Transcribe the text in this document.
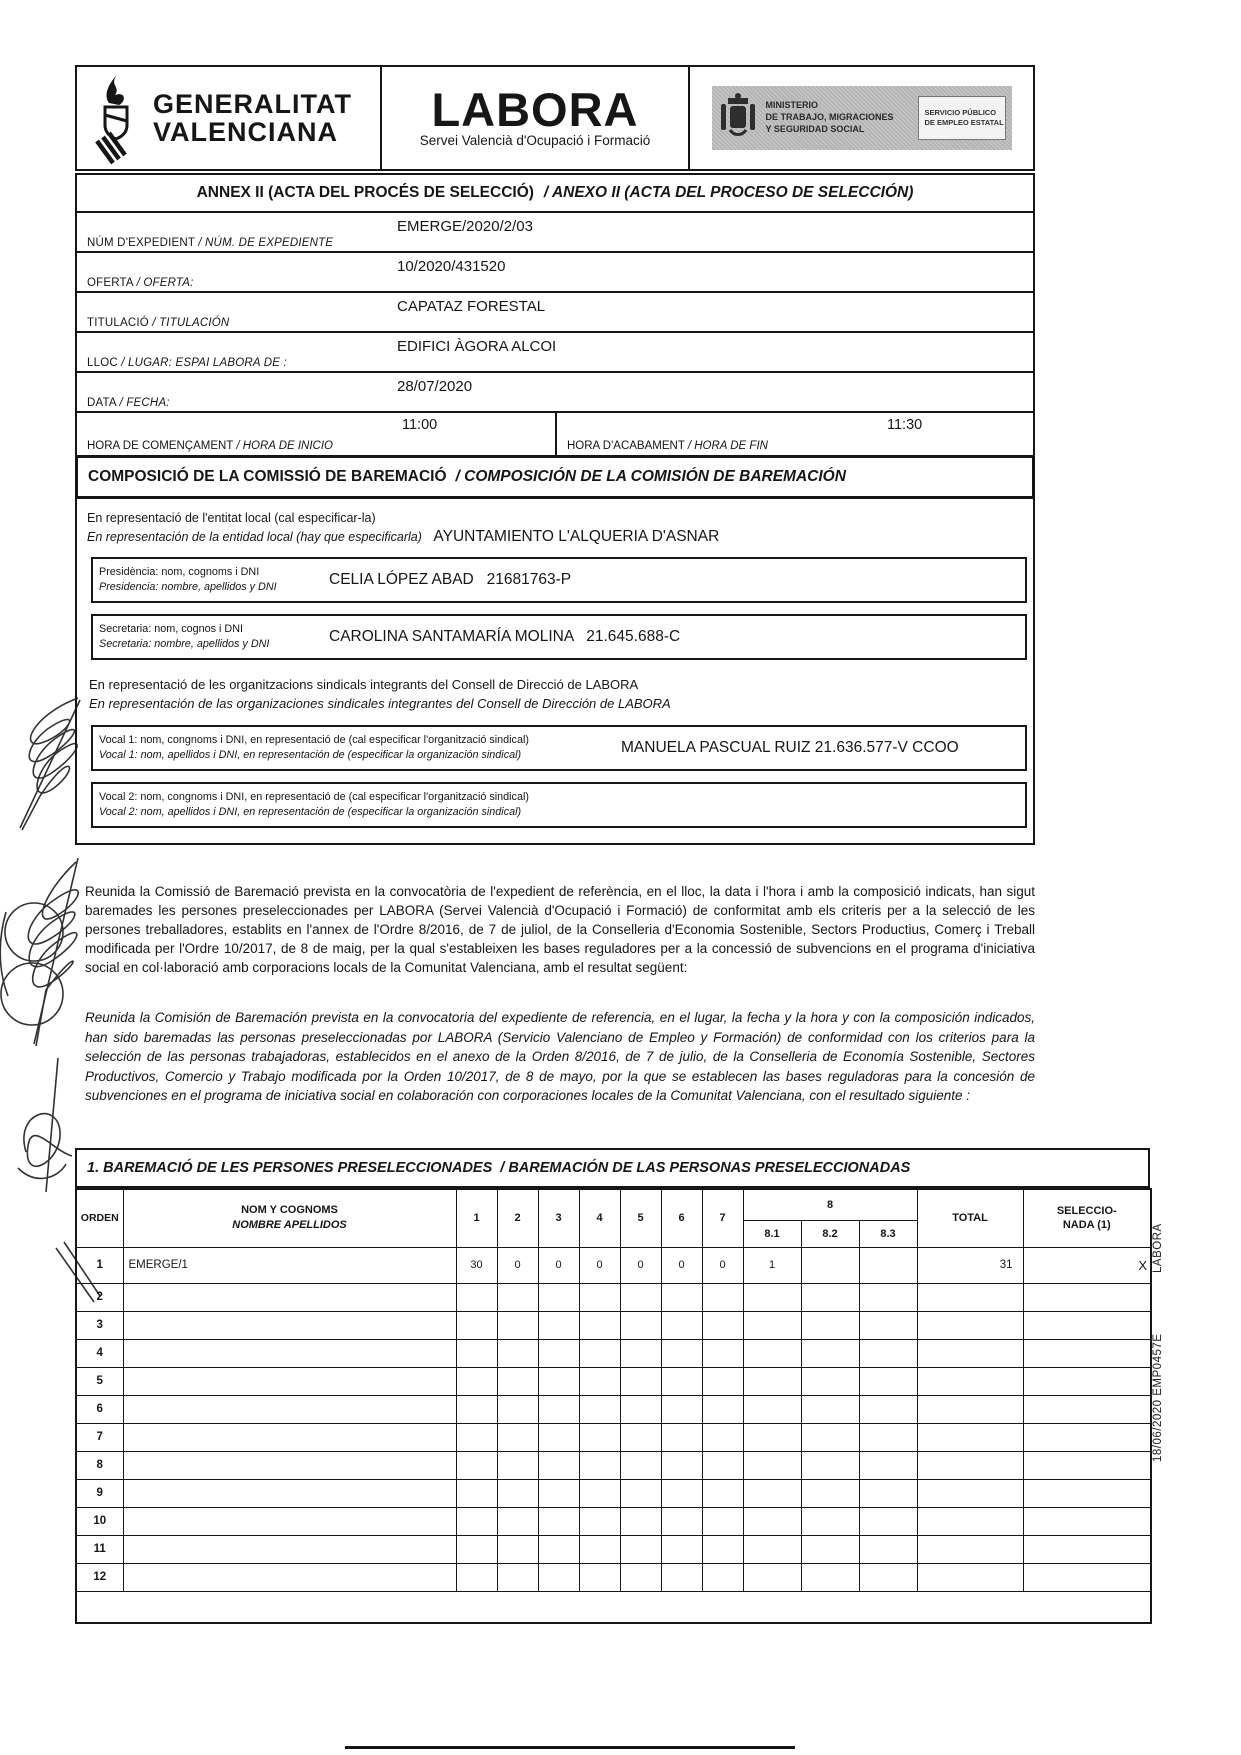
GENERALITAT
VALENCIANA LABORA
Servei Valencià d'Ocupació i Formació
MINISTERIO
DE TRABAJO, MIGRACIONES
Y SEGURIDAD SOCIAL
SERVICIO PÚBLICO
DE EMPLEO ESTATAL
ANNEX II (ACTA DEL PROCÉS DE SELECCIÓ) / ANEXO II (ACTA DEL PROCESO DE SELECCIÓN)
NÚM D'EXPEDIENT / NÚM. DE EXPEDIENTE
EMERGE/2020/2/03
OFERTA / OFERTA:
10/2020/431520
TITULACIÓ / TITULACIÓN
CAPATAZ FORESTAL
LLOC / LUGAR: ESPAI LABORA DE :
EDIFICI ÀGORA ALCOI
DATA / FECHA:
28/07/2020
11:00
HORA DE COMENÇAMENT / HORA DE INICIO
11:30
HORA D'ACABAMENT / HORA DE FIN
COMPOSICIÓ DE LA COMISSIÓ DE BAREMACIÓ / COMPOSICIÓN DE LA COMISIÓN DE BAREMACIÓN
En representació de l'entitat local (cal especificar-la)
En representación de la entidad local (hay que especificarla) AYUNTAMIENTO L'ALQUERIA D'ASNAR
Presidència: nom, cognoms i DNI
Presidencia: nombre, apellidos y DNI	CELIA LÓPEZ ABAD   21681763-P
Secretaria: nom, cognos i DNI
Secretaria: nombre, apellidos y DNI	CAROLINA SANTAMARÍA MOLINA   21.645.688-C
En representació de les organitzacions sindicals integrants del Consell de Direcció de LABORA
En representación de las organizaciones sindicales integrantes del Consell de Dirección de LABORA
Vocal 1: nom, congnoms i DNI, en representació de (cal especificar l'organització sindical)
Vocal 1: nom, apellidos i DNI, en representación de (especificar la organización sindical)	MANUELA PASCUAL RUIZ 21.636.577-V CCOO
Vocal 2: nom, congnoms i DNI, en representació de (cal especificar l'organització sindical)
Vocal 2: nom, apellidos i DNI, en representación de (especificar la organización sindical)
Reunida la Comissió de Baremació prevista en la convocatòria de l'expedient de referència, en el lloc, la data i l'hora i amb la composició indicats, han sigut baremades les persones preseleccionades per LABORA (Servei Valencià d'Ocupació i Formació) de conformitat amb els criteris per a la selecció de les persones treballadores, establits en l'annex de l'Ordre 8/2016, de 7 de juliol, de la Conselleria d'Economia Sostenible, Sectors Productius, Comerç i Treball modificada per l'Ordre 10/2017, de 8 de maig, per la qual s'estableixen les bases reguladores per a la concessió de subvencions en el programa d'iniciativa social en col·laboració amb corporacions locals de la Comunitat Valenciana, amb el resultat següent:
Reunida la Comisión de Baremación prevista en la convocatoria del expediente de referencia, en el lugar, la fecha y la hora y con la composición indicados, han sido baremadas las personas preseleccionadas por LABORA (Servicio Valenciano de Empleo y Formación) de conformidad con los criterios para la selección de las personas trabajadoras, establecidos en el anexo de la Orden 8/2016, de 7 de julio, de la Conselleria de Economía Sostenible, Sectores Productivos, Comercio y Trabajo modificada por la Orden 10/2017, de 8 de mayo, por la que se establecen las bases reguladoras para la concesión de subvenciones en el programa de iniciativa social en colaboración con corporaciones locales de la Comunitat Valenciana, con el resultado siguiente :
1. BAREMACIÓ DE LES PERSONES PRESELECCIONADES / BAREMACIÓN DE LAS PERSONAS PRESELECCIONADAS
ORDEN	
NOM Y COGNOMS
NOMBRE APELLIDOS
	1	2	3	4	5	6	7	8	TOTAL	
SELECCIO-
NADA (1)

									8.1	8.2	8.3		
1	EMERGE/1	30	0	0	0	0	0	0	1			31	X
2													
3													
4													
5													
6													
7													
8													
9													
10													
11													
12													

LABORA
18/06/2020 EMP0457E
